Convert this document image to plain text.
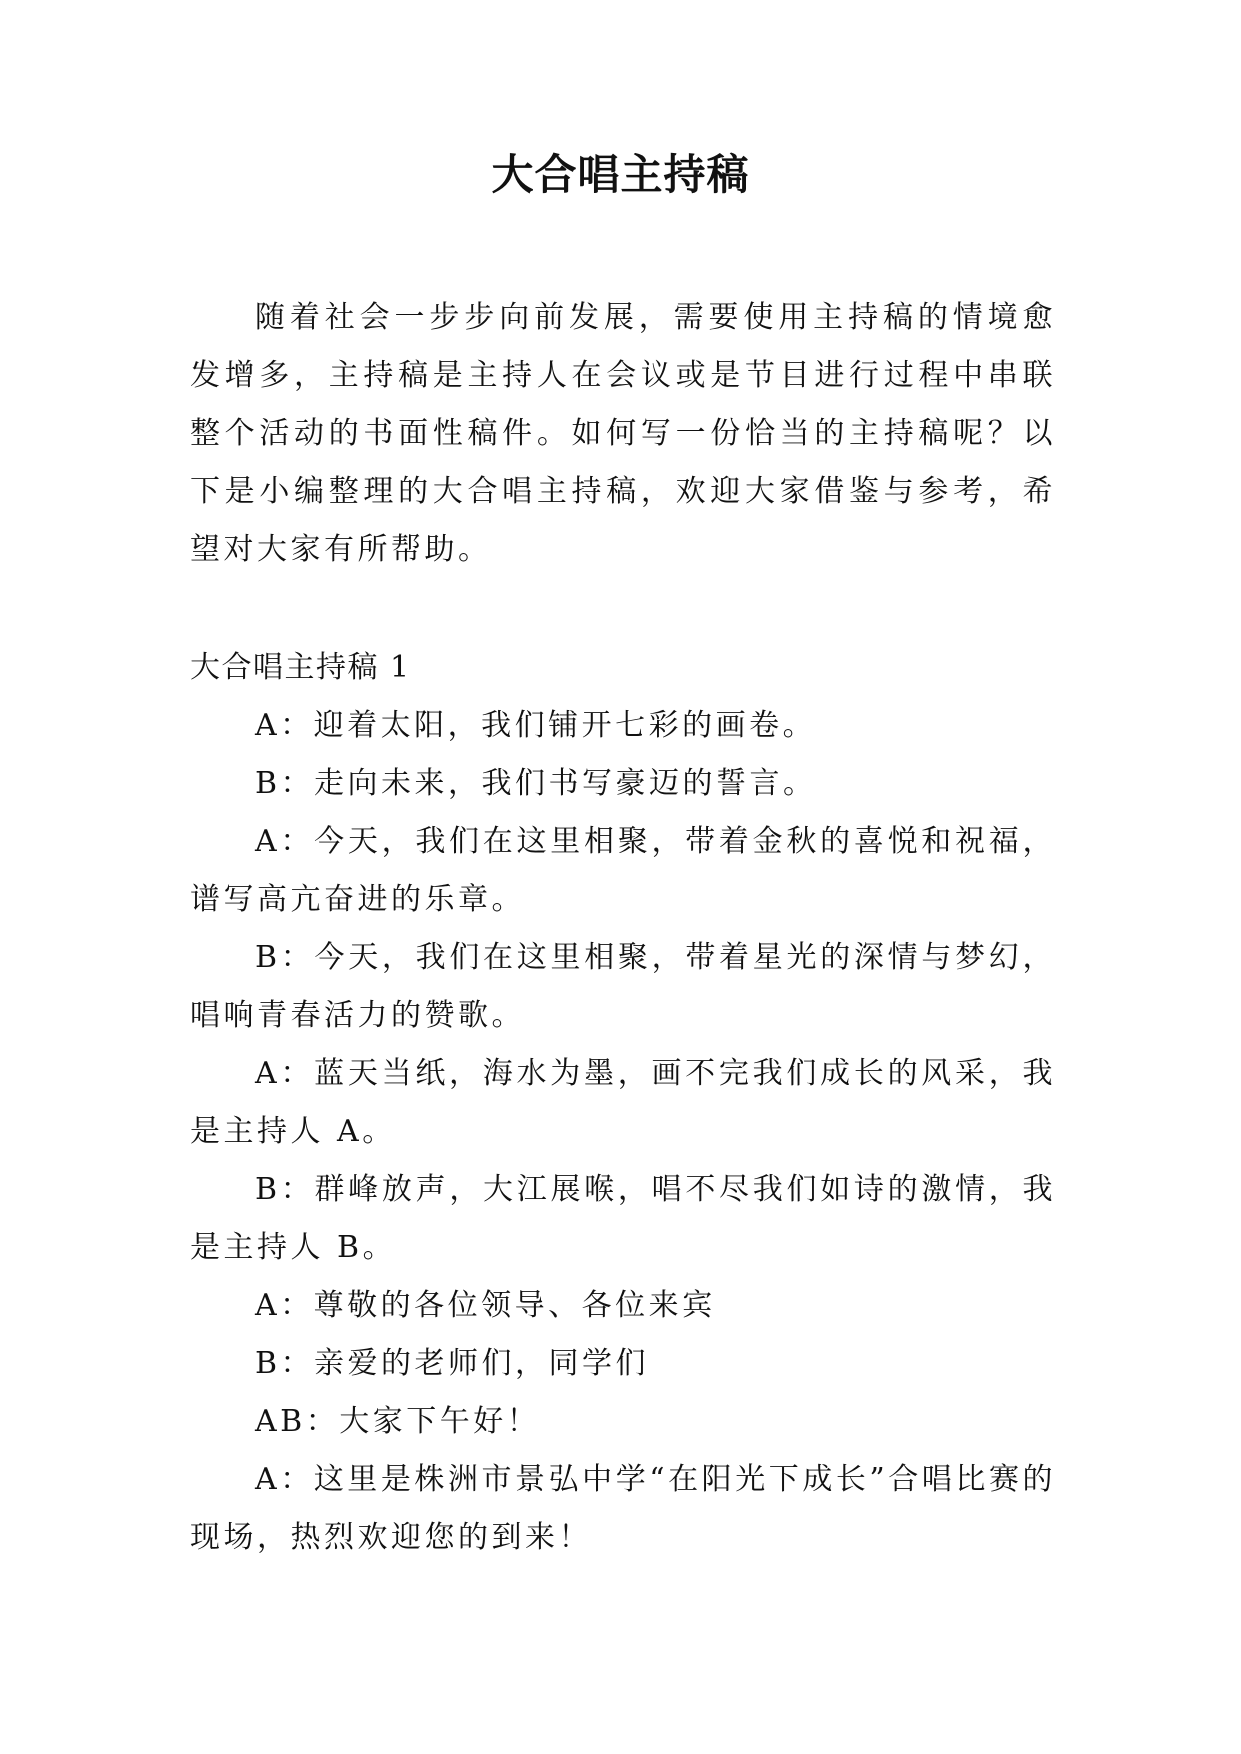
大合唱主持稿

随着社会一步步向前发展，需要使用主持稿的情境愈发增多，主持稿是主持人在会议或是节目进行过程中串联整个活动的书面性稿件。如何写一份恰当的主持稿呢？以下是小编整理的大合唱主持稿，欢迎大家借鉴与参考，希望对大家有所帮助。

大合唱主持稿 1

A：迎着太阳，我们铺开七彩的画卷。

B：走向未来，我们书写豪迈的誓言。

A：今天，我们在这里相聚，带着金秋的喜悦和祝福，谱写高亢奋进的乐章。

B：今天，我们在这里相聚，带着星光的深情与梦幻，唱响青春活力的赞歌。

A：蓝天当纸，海水为墨，画不完我们成长的风采，我是主持人 A。

B：群峰放声，大江展喉，唱不尽我们如诗的激情，我是主持人 B。

A：尊敬的各位领导、各位来宾

B：亲爱的老师们，同学们

AB：大家下午好！

A：这里是株洲市景弘中学“在阳光下成长”合唱比赛的现场，热烈欢迎您的到来！
